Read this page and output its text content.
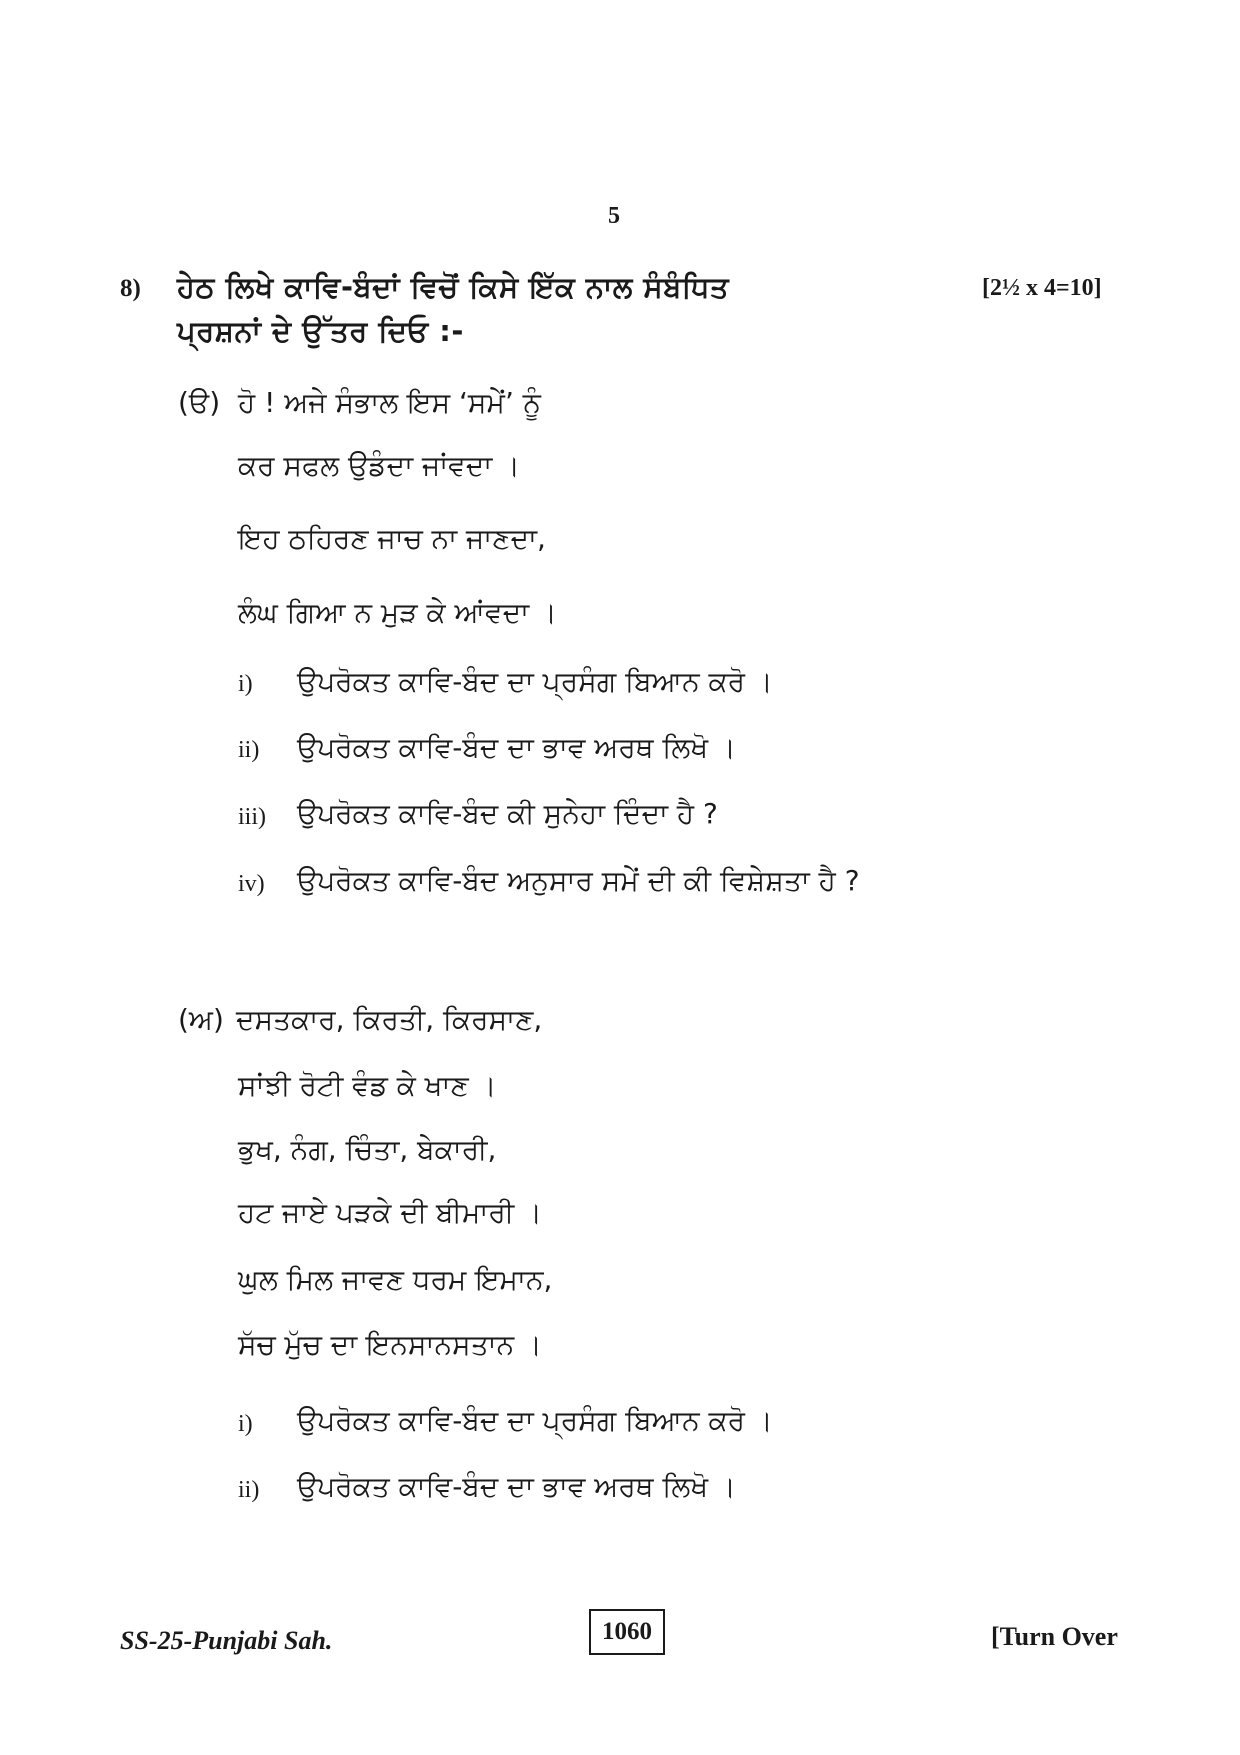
5
8) ਹੇਠ ਲਿਖੇ ਕਾਵਿ-ਬੰਦਾਂ ਵਿਚੋਂ ਕਿਸੇ ਇੱਕ ਨਾਲ ਸੰਬੰਧਿਤ
ਪ੍ਰਸ਼ਨਾਂ ਦੇ ਉੱਤਰ ਦਿਓ :-
[2½ x 4=10]
(ੳ) ਹੋ ! ਅਜੇ ਸੰਭਾਲ ਇਸ ‘ਸਮੇਂ’ ਨੂੰ
ਕਰ ਸਫਲ ਉਡੰਦਾ ਜਾਂਵਦਾ ।
ਇਹ ਠਹਿਰਣ ਜਾਚ ਨਾ ਜਾਣਦਾ,
ਲੰਘ ਗਿਆ ਨ ਮੁੜ ਕੇ ਆਂਵਦਾ ।
i) ਉਪਰੋਕਤ ਕਾਵਿ-ਬੰਦ ਦਾ ਪ੍ਰਸੰਗ ਬਿਆਨ ਕਰੋ ।
ii) ਉਪਰੋਕਤ ਕਾਵਿ-ਬੰਦ ਦਾ ਭਾਵ ਅਰਥ ਲਿਖੋ ।
iii) ਉਪਰੋਕਤ ਕਾਵਿ-ਬੰਦ ਕੀ ਸੁਨੇਹਾ ਦਿੰਦਾ ਹੈ ?
iv) ਉਪਰੋਕਤ ਕਾਵਿ-ਬੰਦ ਅਨੁਸਾਰ ਸਮੇਂ ਦੀ ਕੀ ਵਿਸ਼ੇਸ਼ਤਾ ਹੈ ?
(ਅ) ਦਸਤਕਾਰ, ਕਿਰਤੀ, ਕਿਰਸਾਣ,
ਸਾਂਝੀ ਰੋਟੀ ਵੰਡ ਕੇ ਖਾਣ ।
ਭੁਖ, ਨੰਗ, ਚਿੰਤਾ, ਬੇਕਾਰੀ,
ਹਟ ਜਾਏ ਪੜਕੇ ਦੀ ਬੀਮਾਰੀ ।
ਘੁਲ ਮਿਲ ਜਾਵਣ ਧਰਮ ਇਮਾਨ,
ਸੱਚ ਮੁੱਚ ਦਾ ਇਨਸਾਨਸਤਾਨ ।
i) ਉਪਰੋਕਤ ਕਾਵਿ-ਬੰਦ ਦਾ ਪ੍ਰਸੰਗ ਬਿਆਨ ਕਰੋ ।
ii) ਉਪਰੋਕਤ ਕਾਵਿ-ਬੰਦ ਦਾ ਭਾਵ ਅਰਥ ਲਿਖੋ ।
SS-25-Punjabi Sah.	1060	[Turn Over
